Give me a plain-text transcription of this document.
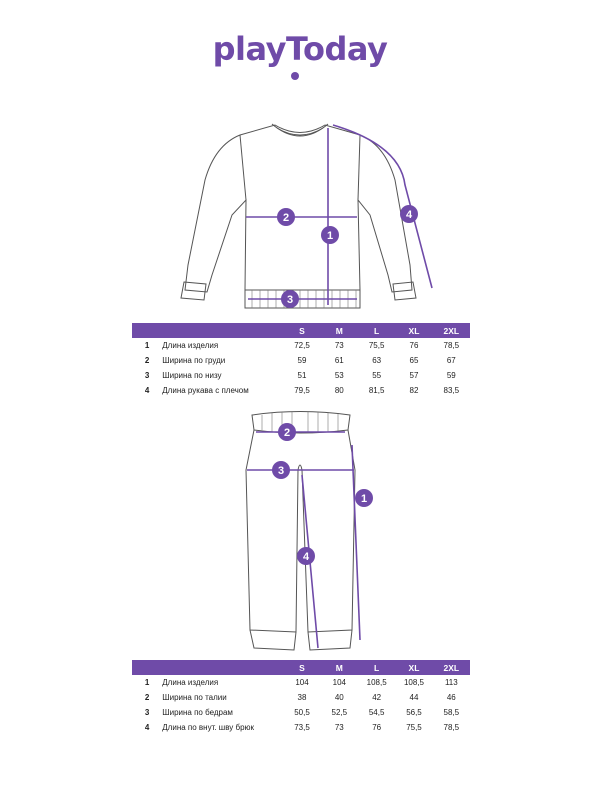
playToday
1
2
3
4
		S	M	L	XL	2XL
1	Длина изделия	72,5	73	75,5	76	78,5
2	Ширина по груди	59	61	63	65	67
3	Ширина по низу	51	53	55	57	59
4	Длина рукава с плечом	79,5	80	81,5	82	83,5
1
2
3
4
		S	M	L	XL	2XL
1	Длина изделия	104	104	108,5	108,5	113
2	Ширина по талии	38	40	42	44	46
3	Ширина по бедрам	50,5	52,5	54,5	56,5	58,5
4	Длина по внут. шву брюк	73,5	73	76	75,5	78,5
